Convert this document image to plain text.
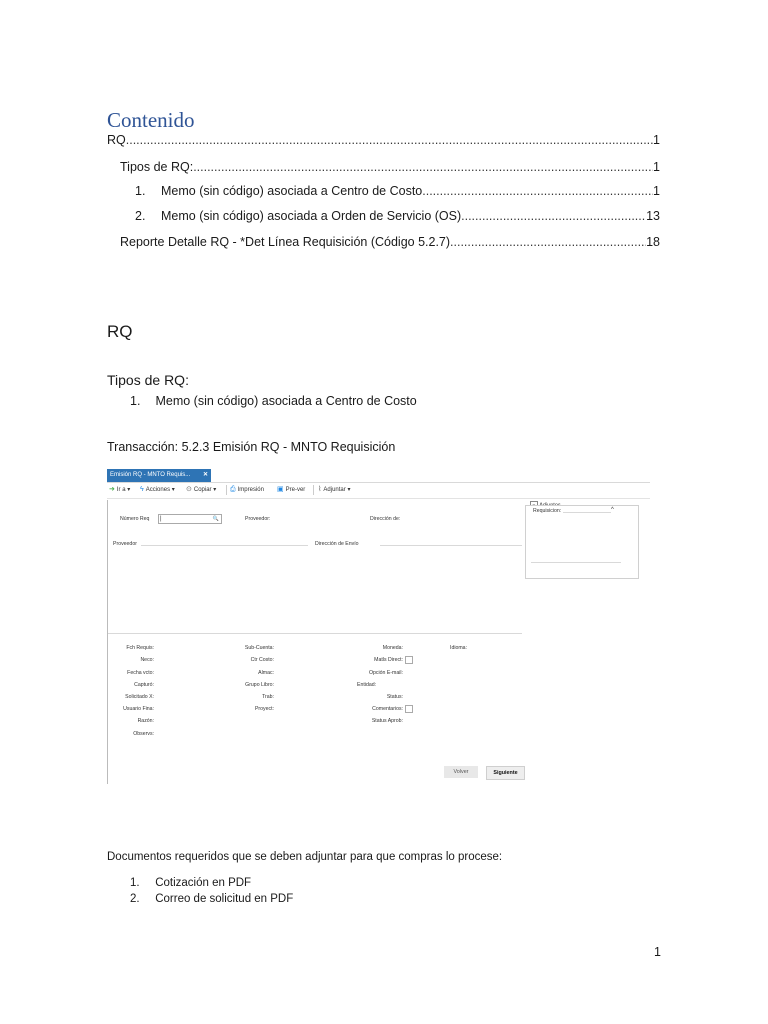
Contenido
RQ .....	1
Tipos de RQ: .....	1
1.	Memo (sin código) asociada a Centro de Costo .....	1
2.	Memo (sin código) asociada a Orden de Servicio (OS) .....	13
Reporte Detalle RQ - *Det Línea Requisición (Código 5.2.7) .....	18
RQ
Tipos de RQ:
1. Memo (sin código) asociada a Centro de Costo
Transacción: 5.2.3 Emisión RQ - MNTO Requisición
Emisión RQ - MNTO Requis... ✕
➜ Ir a ▾ ϟ Acciones ▾ ⊙ Copiar ▾ ⎙ Impresión ▣ Pre-ver ⌇ Adjuntar ▾
Número Req |	🔍	Proveedor:	Dirección de:
Proveedor	Dirección de Envío
Fch Requis:
Neco:
Fecha vcto:
Capturó:
Solicitado X:
Usuario Fina:
Razón:
Observs:
Sub-Cuenta:
Ctr Costo:
Almac:
Grupo Libro:
Trab:
Proyect:
Moneda:
Matls Direct:
Opción E-mail:
Entidad:
Status:
Comentarios:
Status Aprob:
Idioma:
Volver	Siguiente
Requisicion:	^
Documentos requeridos que se deben adjuntar para que compras lo procese:
1. Cotización en PDF
2. Correo de solicitud en PDF
1
